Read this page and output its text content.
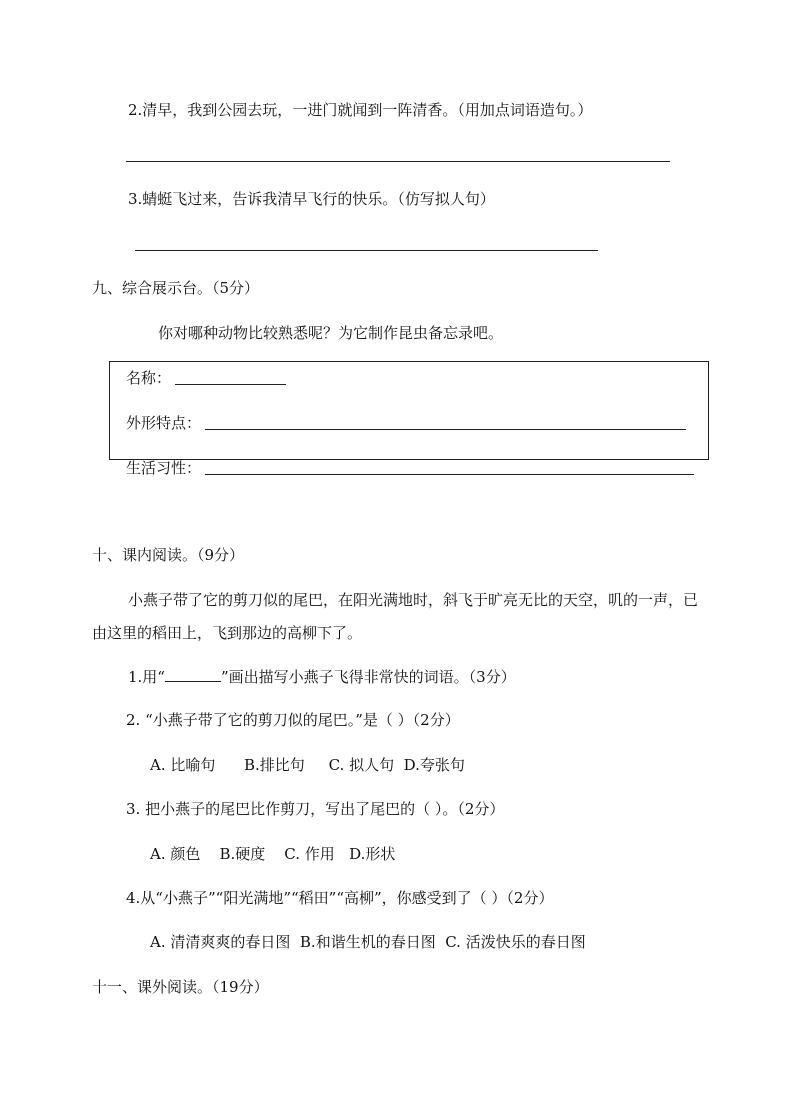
2.清早，我到公园去玩，一进门就闻到一阵清香。（用加点词语造句。）
3.蜻蜓飞过来，告诉我清早飞行的快乐。（仿写拟人句）
九、综合展示台。（5分）
你对哪种动物比较熟悉呢？为它制作昆虫备忘录吧。
名称：
外形特点：
生活习性：
十、课内阅读。（9分）
小燕子带了它的剪刀似的尾巴，在阳光满地时，斜飞于旷亮无比的天空，叽的一声，已
由这里的稻田上，飞到那边的高柳下了。
1.用“	”画出描写小燕子飞得非常快的词语。（3分）
2. “小燕子带了它的剪刀似的尾巴。”是（ ）（2分）
A. 比喻句      B.排比句     C. 拟人句  D.夸张句
3. 把小燕子的尾巴比作剪刀，写出了尾巴的（ ）。（2分）
A. 颜色    B.硬度    C. 作用   D.形状
4.从“小燕子”“阳光满地”“稻田”“高柳”，你感受到了（ ）（2分）
A. 清清爽爽的春日图  B.和谐生机的春日图  C. 活泼快乐的春日图
十一、课外阅读。（19分）
